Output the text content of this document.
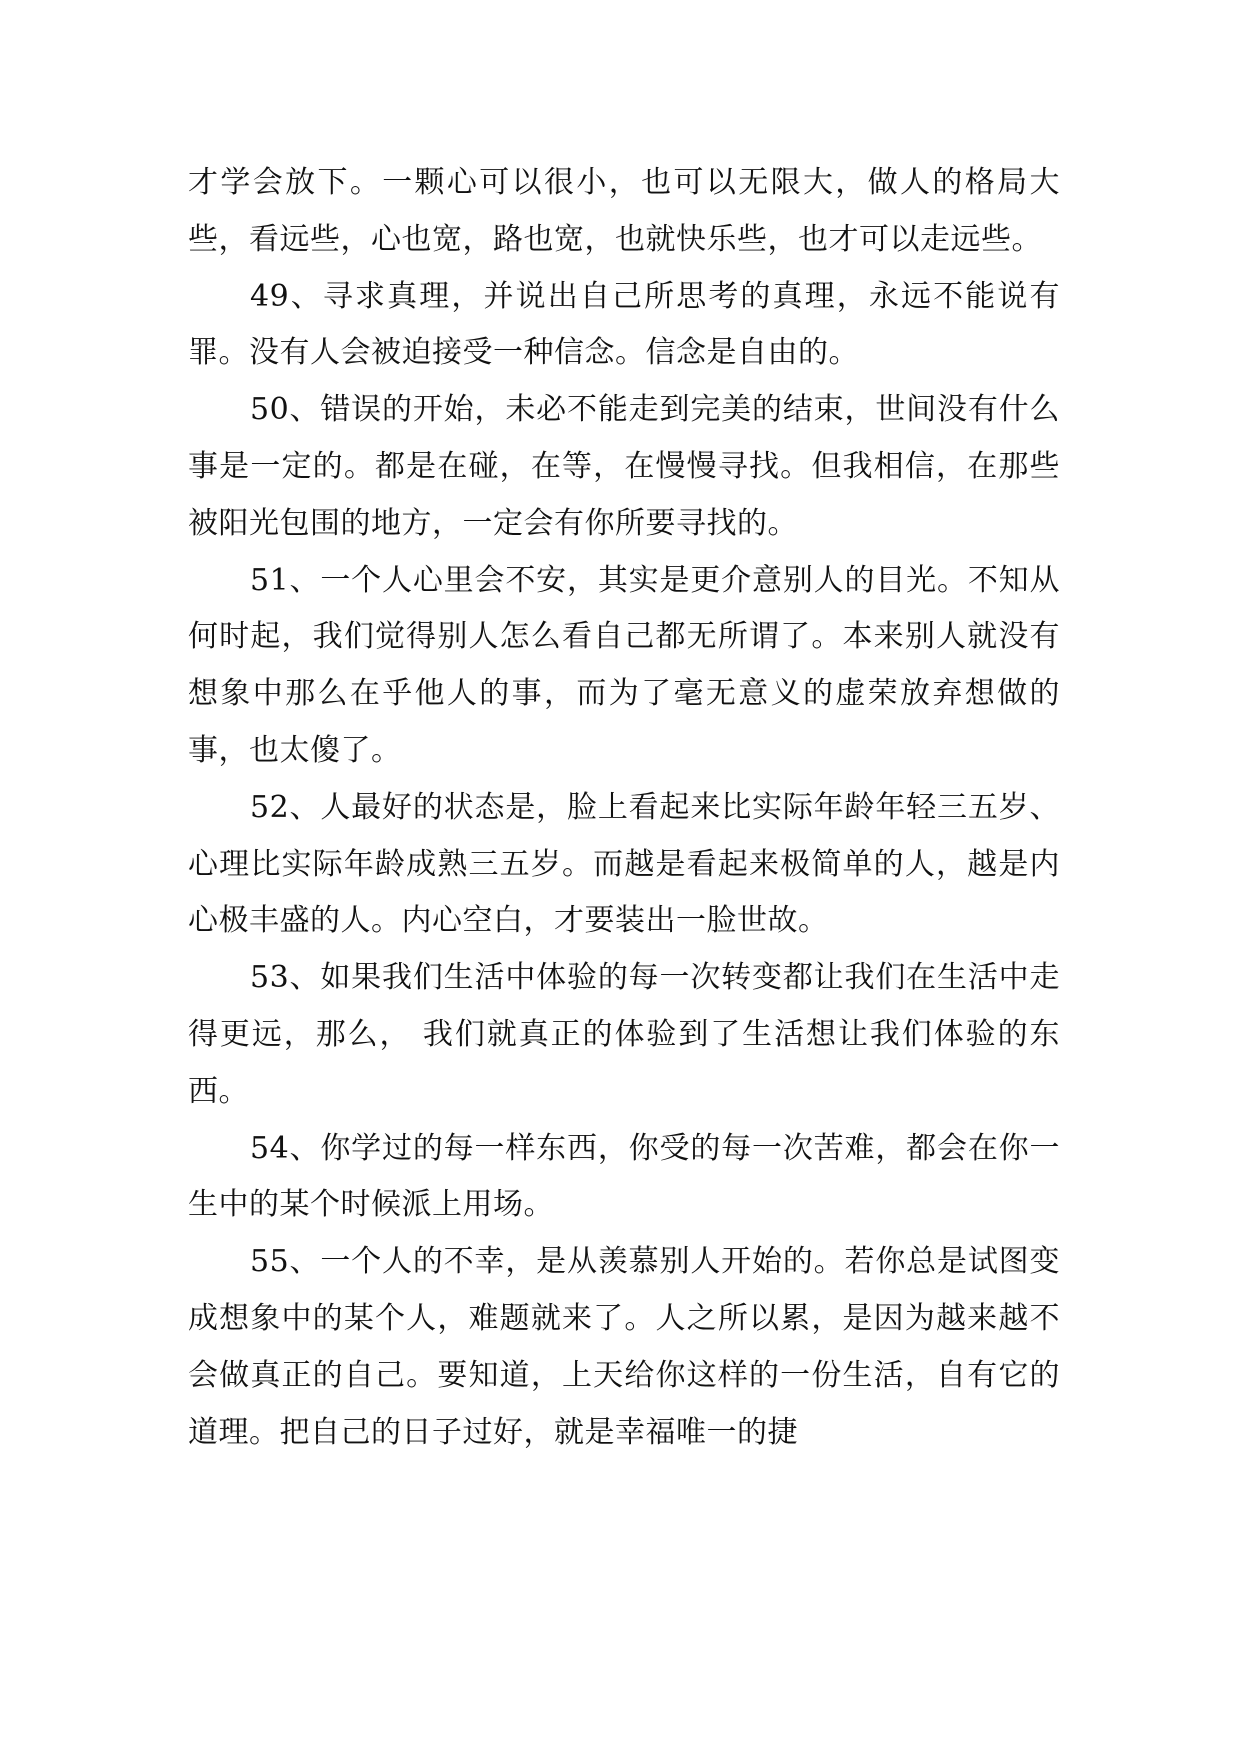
才学会放下。一颗心可以很小，也可以无限大，做人的格局大些，看远些，心也宽，路也宽，也就快乐些，也才可以走远些。

49、寻求真理，并说出自己所思考的真理，永远不能说有罪。没有人会被迫接受一种信念。信念是自由的。

50、错误的开始，未必不能走到完美的结束，世间没有什么事是一定的。都是在碰，在等，在慢慢寻找。但我相信，在那些被阳光包围的地方，一定会有你所要寻找的。

51、一个人心里会不安，其实是更介意别人的目光。不知从何时起，我们觉得别人怎么看自己都无所谓了。本来别人就没有想象中那么在乎他人的事，而为了毫无意义的虚荣放弃想做的事，也太傻了。

52、人最好的状态是，脸上看起来比实际年龄年轻三五岁、心理比实际年龄成熟三五岁。而越是看起来极简单的人，越是内心极丰盛的人。内心空白，才要装出一脸世故。

53、如果我们生活中体验的每一次转变都让我们在生活中走得更远，那么， 我们就真正的体验到了生活想让我们体验的东西。

54、你学过的每一样东西，你受的每一次苦难，都会在你一生中的某个时候派上用场。

55、一个人的不幸，是从羡慕别人开始的。若你总是试图变成想象中的某个人，难题就来了。人之所以累，是因为越来越不会做真正的自己。要知道，上天给你这样的一份生活，自有它的道理。把自己的日子过好，就是幸福唯一的捷
